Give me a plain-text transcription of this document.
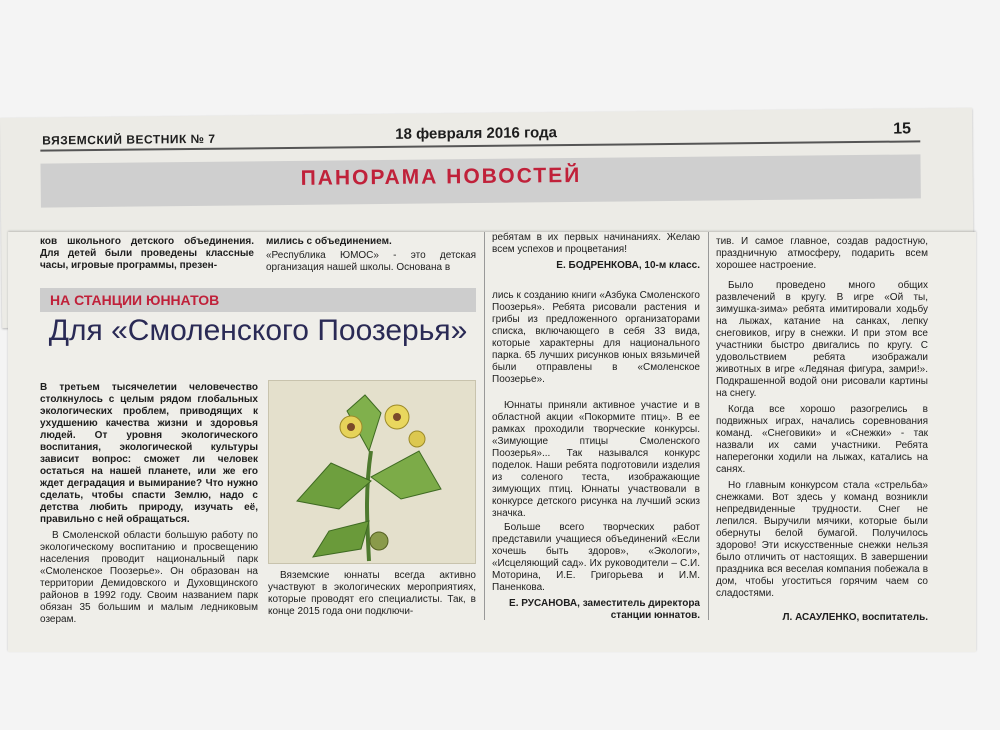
ВЯЗЕМСКИЙ ВЕСТНИК № 7	18 февраля 2016 года	15
ПАНОРАМА НОВОСТЕЙ
ков школьного детского объединения. Для детей были проведены классные часы, игровые программы, презен-
мились с объединением.
«Республика ЮМОС» - это детская организация нашей школы. Основана в
ребятам в их первых начинаниях. Желаю всем успехов и процветания!
Е. БОДРЕНКОВА, 10-м класс.
НА СТАНЦИИ ЮННАТОВ
Для «Смоленского Поозерья»
В третьем тысячелетии человечество столкнулось с целым рядом глобальных экологических проблем, приводящих к ухудшению качества жизни и здоровья людей. От уровня экологического воспитания, экологической культуры зависит вопрос: сможет ли человек остаться на нашей планете, или же его ждет деградация и вымирание? Что нужно сделать, чтобы спасти Землю, надо с детства любить природу, изучать её, правильно с ней обращаться.
В Смоленской области большую работу по экологическому воспитанию и просвещению населения проводит национальный парк «Смоленское Поозерье». Он образован на территории Демидовского и Духовщинского районов в 1992 году. Своим названием парк обязан 35 большим и малым ледниковым озерам.
Вяземские юннаты всегда активно участвуют в экологических мероприятиях, которые проводят его специалисты. Так, в конце 2015 года они подключи-
лись к созданию книги «Азбука Смоленского Поозерья». Ребята рисовали растения и грибы из предложенного организаторами списка, включающего в себя 33 вида, которые характерны для национального парка. 65 лучших рисунков юных вязьмичей были отправлены в «Смоленское Поозерье».
Юннаты приняли активное участие и в областной акции «Покормите птиц». В ее рамках проходили творческие конкурсы. «Зимующие птицы Смоленского Поозерья»... Так назывался конкурс поделок. Наши ребята подготовили изделия из соленого теста, изображающие зимующих птиц. Юннаты участвовали в конкурсе детского рисунка на лучший эскиз значка.
Больше всего творческих работ представили учащиеся объединений «Если хочешь быть здоров», «Экологи», «Исцеляющий сад». Их руководители – С.И. Моторина, И.Е. Григорьева и И.М. Паненкова.
Е. РУСАНОВА, заместитель директора станции юннатов.
тив. И самое главное, создав радостную, праздничную атмосферу, подарить всем хорошее настроение.
Было проведено много общих развлечений в кругу. В игре «Ой ты, зимушка-зима» ребята имитировали ходьбу на лыжах, катание на санках, лепку снеговиков, игру в снежки. И при этом все участники быстро двигались по кругу. С удовольствием ребята изображали животных в игре «Ледяная фигура, замри!». Подкрашенной водой они рисовали картины на снегу.
Когда все хорошо разогрелись в подвижных играх, начались соревнования команд. «Снеговики» и «Снежки» - так назвали их сами участники. Ребята наперегонки ходили на лыжах, катались на санях.
Но главным конкурсом стала «стрельба» снежками. Вот здесь у команд возникли непредвиденные трудности. Снег не лепился. Выручили мячики, которые были обернуты белой бумагой. Получилось здорово! Эти искусственные снежки нельзя было отличить от настоящих. В завершении праздника вся веселая компания побежала в дом, чтобы угоститься горячим чаем со сладостями.
Л. АСАУЛЕНКО, воспитатель.
